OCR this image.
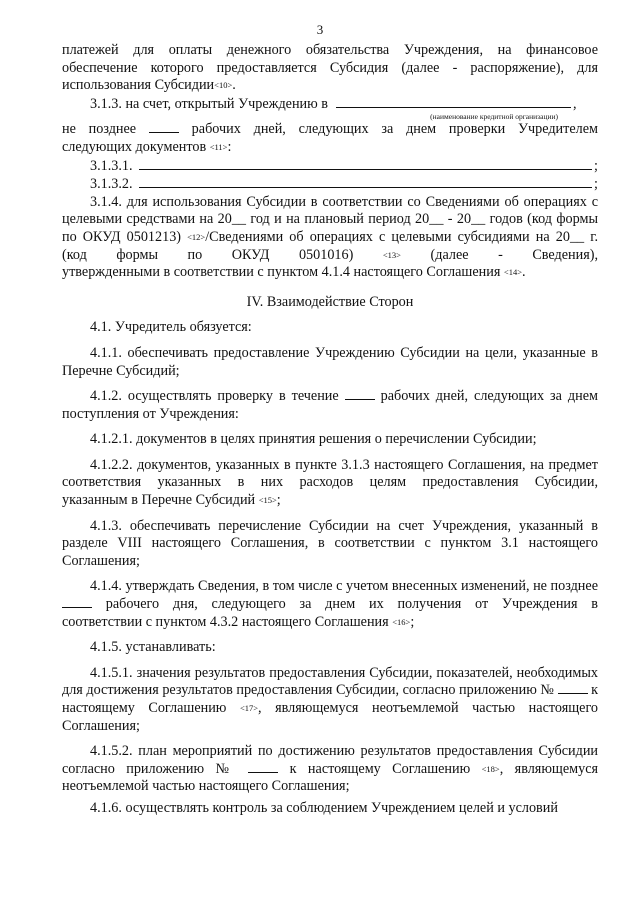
3

платежей для оплаты денежного обязательства Учреждения, на финансовое обеспечение которого предоставляется Субсидия (далее - распоряжение), для использования Субсидии<10>.

3.1.3. на счет, открытый Учреждению в	,
(наименование кредитной организации)

не позднее	рабочих дней, следующих за днем проверки Учредителем следующих документов <11>:

3.1.3.1.	;
3.1.3.2.	;

3.1.4. для использования Субсидии в соответствии со Сведениями об операциях с целевыми средствами на 20__ год и на плановый период 20__ - 20__ годов (код формы по ОКУД 0501213) <12>/Сведениями об операциях с целевыми субсидиями на 20__ г. (код формы по ОКУД 0501016)	<13> (далее - Сведения), утвержденными в соответствии с пунктом 4.1.4 настоящего Соглашения <14>.

IV. Взаимодействие Сторон

4.1. Учредитель обязуется:

4.1.1. обеспечивать предоставление Учреждению Субсидии на цели, указанные в Перечне Субсидий;

4.1.2. осуществлять проверку в течение	рабочих дней, следующих за днем поступления от Учреждения:

4.1.2.1. документов в целях принятия решения о перечислении Субсидии;

4.1.2.2. документов, указанных в пункте 3.1.3 настоящего Соглашения, на предмет соответствия указанных в них расходов целям предоставления Субсидии, указанным в Перечне Субсидий <15>;

4.1.3. обеспечивать перечисление Субсидии на счет Учреждения, указанный в разделе VIII настоящего Соглашения, в соответствии с пунктом 3.1 настоящего Соглашения;

4.1.4. утверждать Сведения, в том числе с учетом внесенных изменений, не позднее  рабочего дня, следующего за днем их получения от Учреждения в соответствии с пунктом 4.3.2 настоящего Соглашения <16>;

4.1.5. устанавливать:

4.1.5.1. значения результатов предоставления Субсидии, показателей, необходимых для достижения результатов предоставления Субсидии, согласно приложению №	к настоящему Соглашению <17>, являющемуся неотъемлемой частью настоящего Соглашения;

4.1.5.2. план мероприятий по достижению результатов предоставления Субсидии согласно приложению №	к настоящему Соглашению <18>, являющемуся неотъемлемой частью настоящего Соглашения;

4.1.6. осуществлять контроль за соблюдением Учреждением целей и условий
